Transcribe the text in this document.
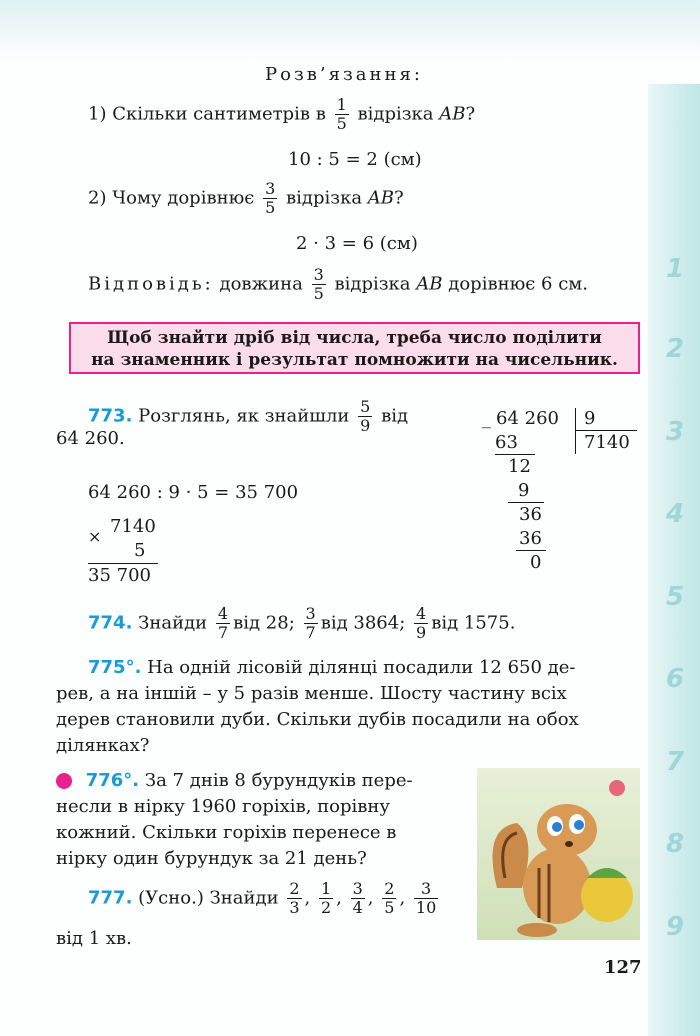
1
2
3
4
5
6
7
8
9
Розв’язання:
1) Скільки сантиметрів в $\frac{1}{5}$ відрізка AB?
10 : 5 = 2 (см)
2) Чому дорівнює $\frac{3}{5}$ відрізка AB?
2 · 3 = 6 (см)
Відповідь: довжина $\frac{3}{5}$ відрізка AB дорівнює 6 см.
Щоб знайти дріб від числа, треба число поділити
на знаменник і результат помножити на чисельник.
773. Розглянь, як знайшли $\frac{5}{9}$ від
64 260.
64 260 : 9 · 5 = 35 700
× 7140
5
35 700
_ 64 260 9
7140
63
12
9
36
36
0
774. Знайди $\frac{4}{7}$ від 28; $\frac{3}{7}$ від 3864; $\frac{4}{9}$ від 1575.
775°. На одній лісовій ділянці посадили 12 650 де-
рев, а на іншій – у 5 разів менше. Шосту частину всіх
дерев становили дуби. Скільки дубів посадили на обох
ділянках?
776°. За 7 днів 8 бурундуків пере-
несли в нірку 1960 горіхів, порівну
кожний. Скільки горіхів перенесе в
нірку один бурундук за 21 день?
777. (Усно.) Знайди $\frac{2}{3}$ , $\frac{1}{2}$ , $\frac{3}{4}$ , $\frac{2}{5}$ , $\frac{3}{10}$
від 1 хв.
127
